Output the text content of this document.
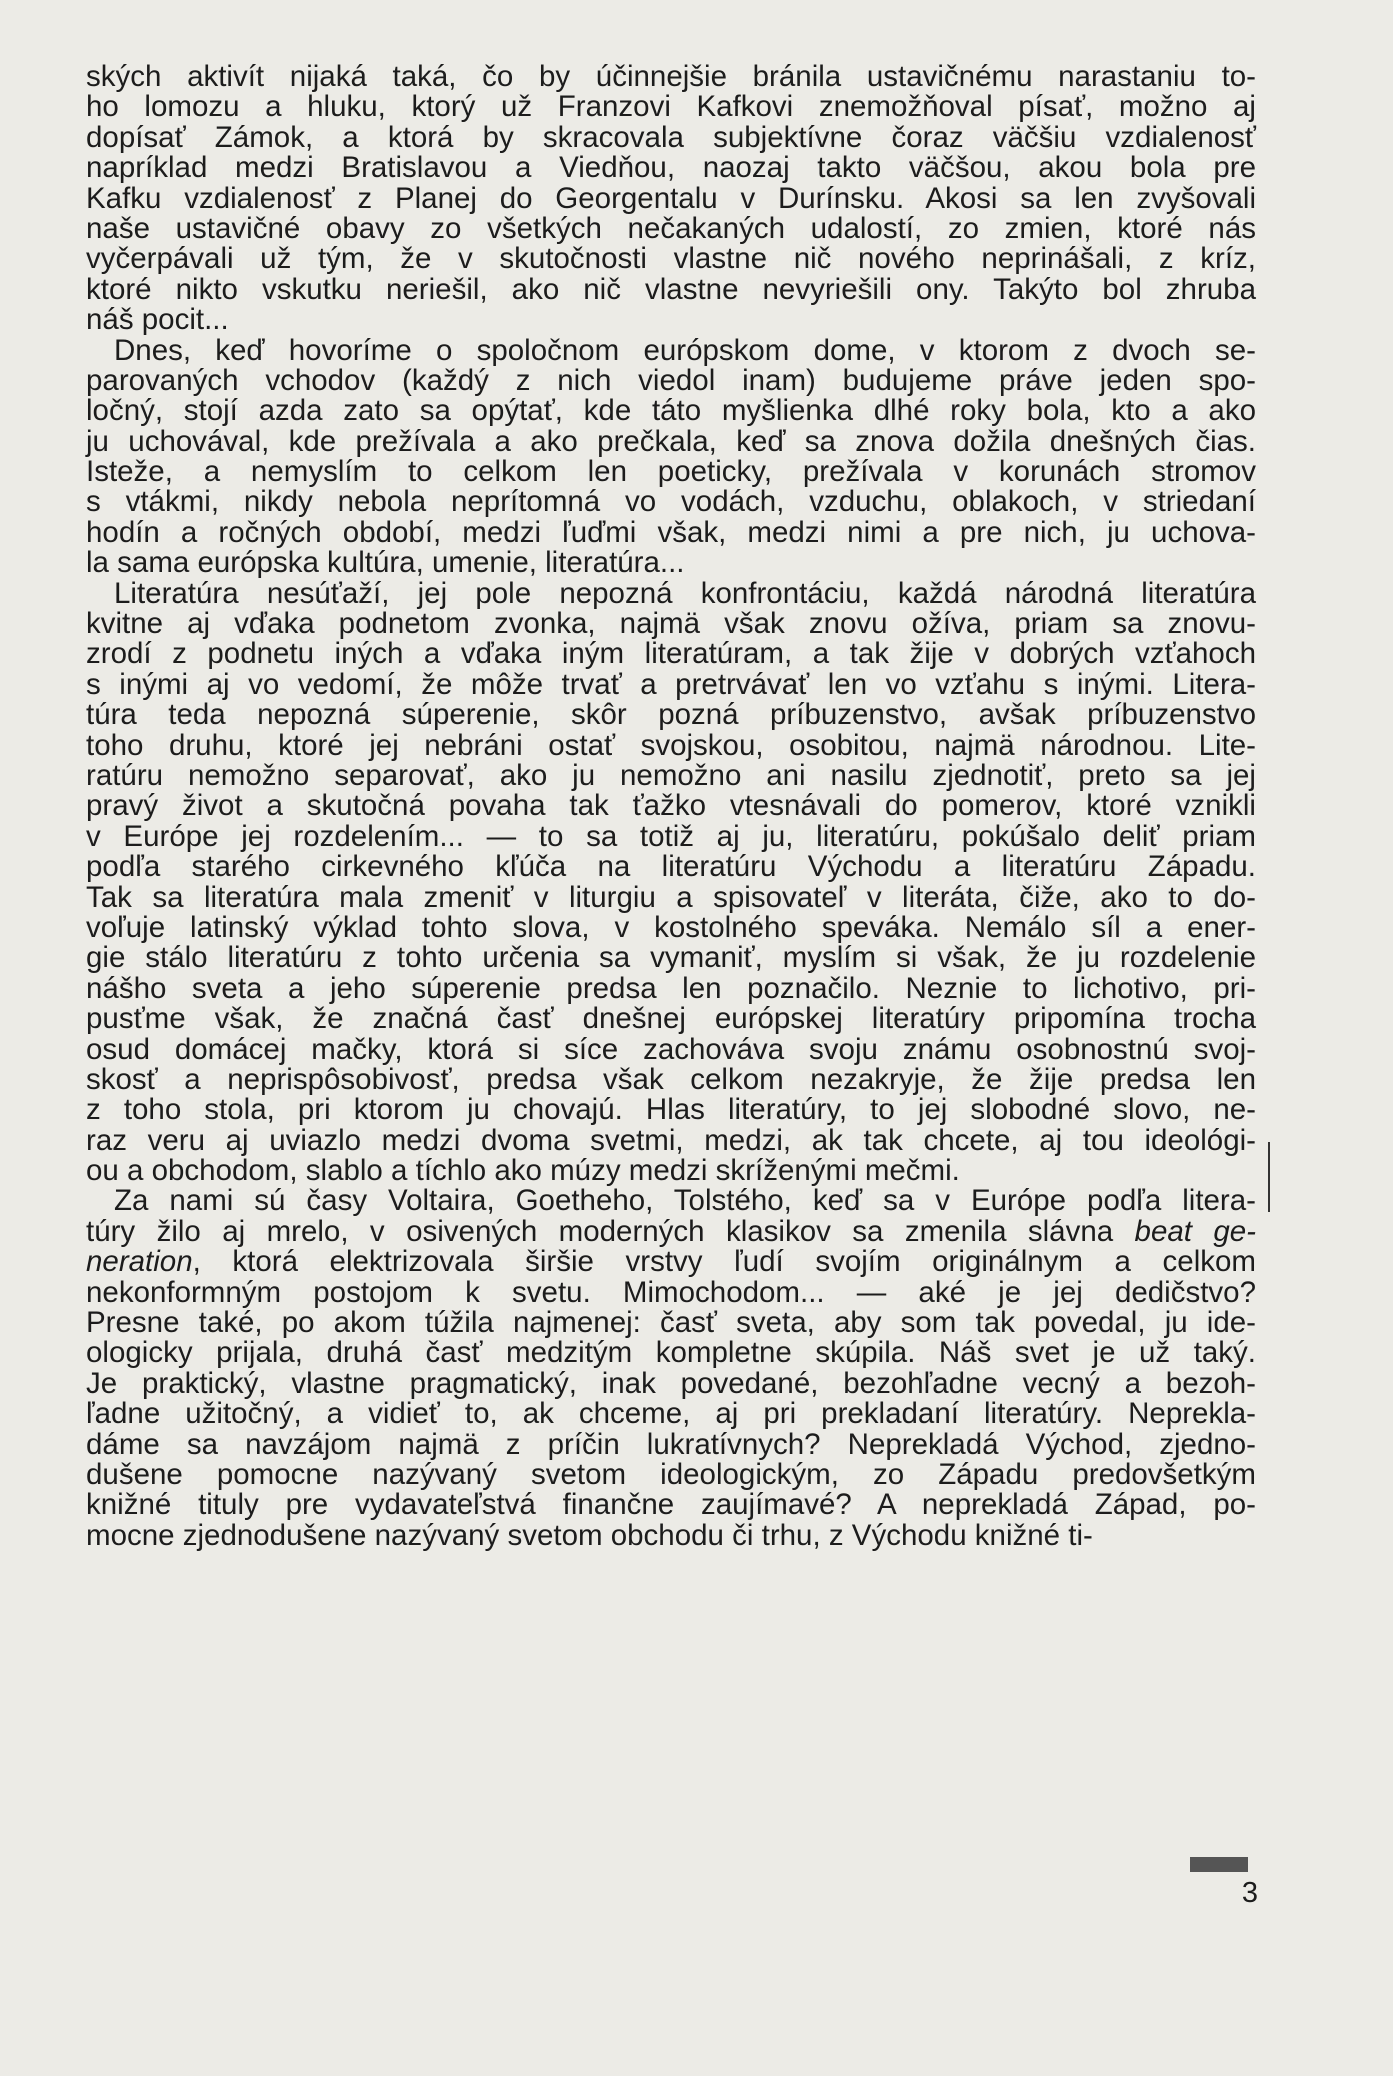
ských aktivít nijaká taká, čo by účinnejšie bránila ustavičnému narastaniu to-
ho lomozu a hluku, ktorý už Franzovi Kafkovi znemožňoval písať, možno aj
dopísať Zámok, a ktorá by skracovala subjektívne čoraz väčšiu vzdialenosť
napríklad medzi Bratislavou a Viedňou, naozaj takto väčšou, akou bola pre
Kafku vzdialenosť z Planej do Georgentalu v Durínsku. Akosi sa len zvyšovali
naše ustavičné obavy zo všetkých nečakaných udalostí, zo zmien, ktoré nás
vyčerpávali už tým, že v skutočnosti vlastne nič nového neprinášali, z kríz,
ktoré nikto vskutku neriešil, ako nič vlastne nevyriešili ony. Takýto bol zhruba
náš pocit...
Dnes, keď hovoríme o spoločnom európskom dome, v ktorom z dvoch se-
parovaných vchodov (každý z nich viedol inam) budujeme práve jeden spo-
ločný, stojí azda zato sa opýtať, kde táto myšlienka dlhé roky bola, kto a ako
ju uchovával, kde prežívala a ako prečkala, keď sa znova dožila dnešných čias.
Isteže, a nemyslím to celkom len poeticky, prežívala v korunách stromov
s vtákmi, nikdy nebola neprítomná vo vodách, vzduchu, oblakoch, v striedaní
hodín a ročných období, medzi ľuďmi však, medzi nimi a pre nich, ju uchova-
la sama európska kultúra, umenie, literatúra...
Literatúra nesúťaží, jej pole nepozná konfrontáciu, každá národná literatúra
kvitne aj vďaka podnetom zvonka, najmä však znovu ožíva, priam sa znovu-
zrodí z podnetu iných a vďaka iným literatúram, a tak žije v dobrých vzťahoch
s inými aj vo vedomí, že môže trvať a pretrvávať len vo vzťahu s inými. Litera-
túra teda nepozná súperenie, skôr pozná príbuzenstvo, avšak príbuzenstvo
toho druhu, ktoré jej nebráni ostať svojskou, osobitou, najmä národnou. Lite-
ratúru nemožno separovať, ako ju nemožno ani nasilu zjednotiť, preto sa jej
pravý život a skutočná povaha tak ťažko vtesnávali do pomerov, ktoré vznikli
v Európe jej rozdelením... — to sa totiž aj ju, literatúru, pokúšalo deliť priam
podľa starého cirkevného kľúča na literatúru Východu a literatúru Západu.
Tak sa literatúra mala zmeniť v liturgiu a spisovateľ v literáta, čiže, ako to do-
voľuje latinský výklad tohto slova, v kostolného speváka. Nemálo síl a ener-
gie stálo literatúru z tohto určenia sa vymaniť, myslím si však, že ju rozdelenie
nášho sveta a jeho súperenie predsa len poznačilo. Neznie to lichotivo, pri-
pusťme však, že značná časť dnešnej európskej literatúry pripomína trocha
osud domácej mačky, ktorá si síce zachováva svoju známu osobnostnú svoj-
skosť a neprispôsobivosť, predsa však celkom nezakryje, že žije predsa len
z toho stola, pri ktorom ju chovajú. Hlas literatúry, to jej slobodné slovo, ne-
raz veru aj uviazlo medzi dvoma svetmi, medzi, ak tak chcete, aj tou ideológi-
ou a obchodom, slablo a tíchlo ako múzy medzi skríženými mečmi.
Za nami sú časy Voltaira, Goetheho, Tolstého, keď sa v Európe podľa litera-
túry žilo aj mrelo, v osivených moderných klasikov sa zmenila slávna beat ge-
neration, ktorá elektrizovala širšie vrstvy ľudí svojím originálnym a celkom
nekonformným postojom k svetu. Mimochodom... — aké je jej dedičstvo?
Presne také, po akom túžila najmenej: časť sveta, aby som tak povedal, ju ide-
ologicky prijala, druhá časť medzitým kompletne skúpila. Náš svet je už taký.
Je praktický, vlastne pragmatický, inak povedané, bezohľadne vecný a bezoh-
ľadne užitočný, a vidieť to, ak chceme, aj pri prekladaní literatúry. Neprekla-
dáme sa navzájom najmä z príčin lukratívnych? Neprekladá Východ, zjedno-
dušene pomocne nazývaný svetom ideologickým, zo Západu predovšetkým
knižné tituly pre vydavateľstvá finančne zaujímavé? A neprekladá Západ, po-
mocne zjednodušene nazývaný svetom obchodu či trhu, z Východu knižné ti-
3
